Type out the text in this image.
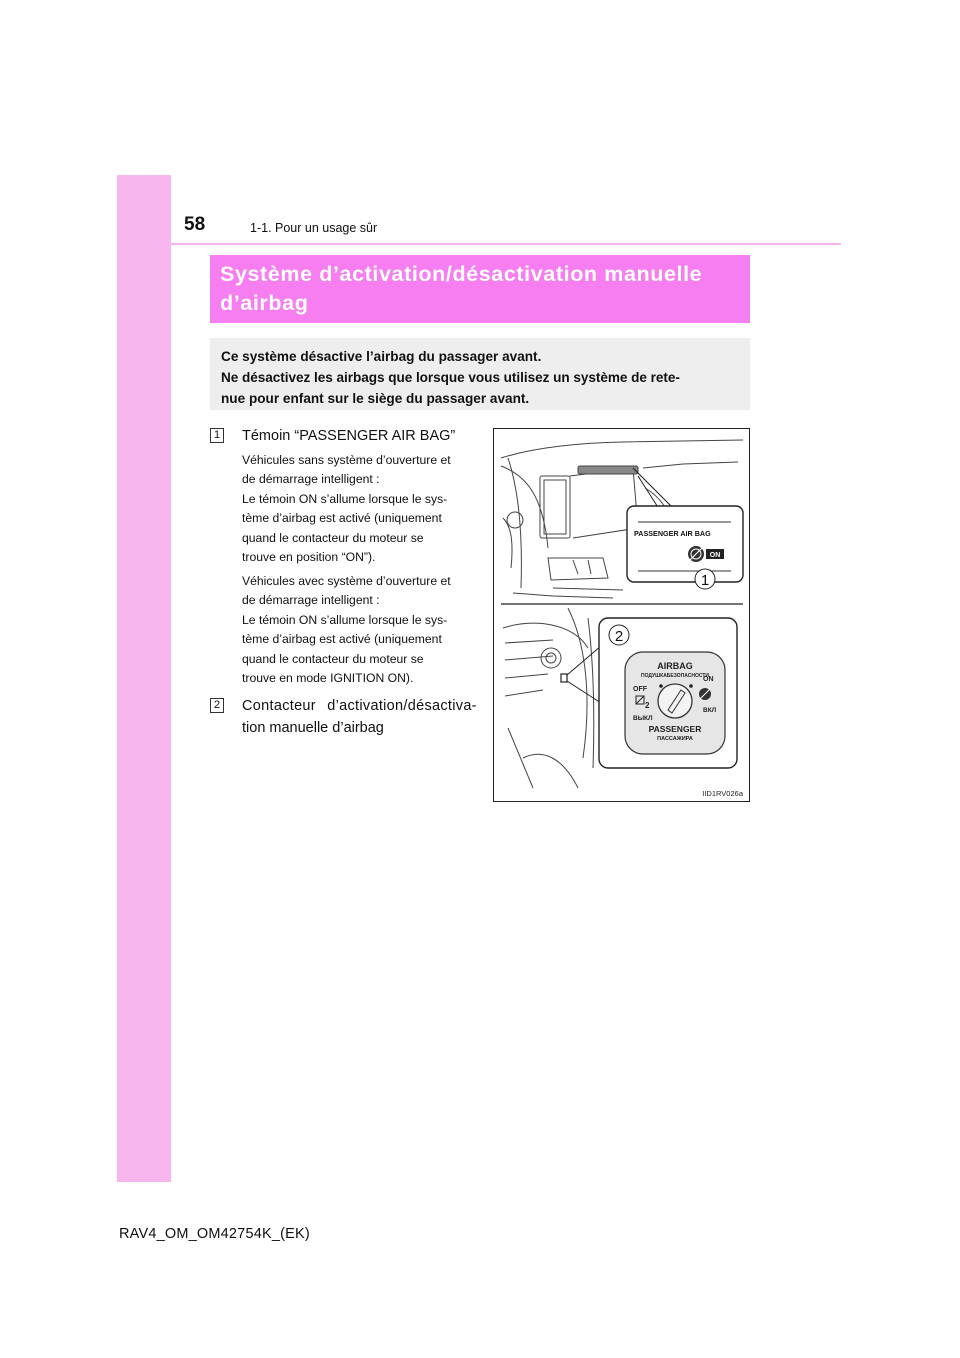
58	1-1. Pour un usage sûr
Système d’activation/désactivation manuelle
d’airbag
Ce système désactive l’airbag du passager avant.
Ne désactivez les airbags que lorsque vous utilisez un système de rete-
nue pour enfant sur le siège du passager avant.
1 Témoin “PASSENGER AIR BAG”
Véhicules sans système d’ouverture et
de démarrage intelligent :
Le témoin ON s’allume lorsque le sys-
tème d’airbag est activé (uniquement
quand le contacteur du moteur se
trouve en position “ON”).
Véhicules avec système d’ouverture et
de démarrage intelligent :
Le témoin ON s’allume lorsque le sys-
tème d’airbag est activé (uniquement
quand le contacteur du moteur se
trouve en mode IGNITION ON).
2 Contacteur d’activation/désactiva-
tion manuelle d’airbag
PASSENGER AIR BAG
ON
1
2
AIRBAG
ПОДУШКАБЕЗОПАСНОСТИ
OFF
ON
2
ВЫКЛ
ВКЛ
PASSENGER
ПАССАЖИРА
IID1RV026a
RAV4_OM_OM42754K_(EK)
